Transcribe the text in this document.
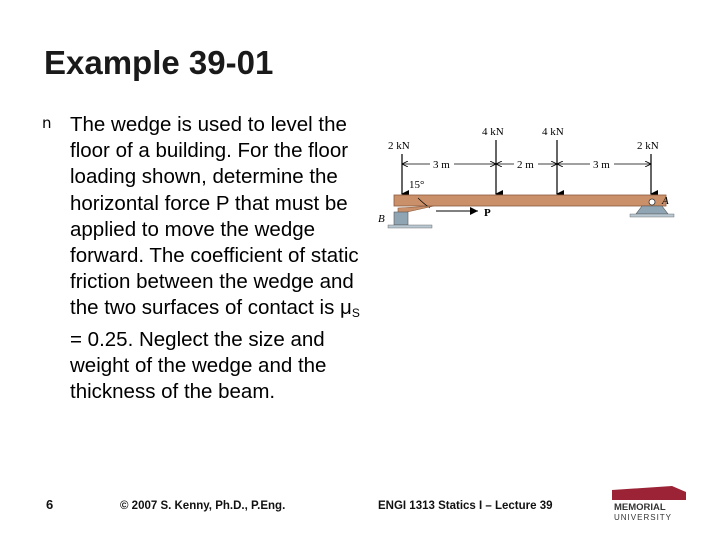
Example 39-01
n The wedge is used to level the floor of a building. For the floor loading shown, determine the horizontal force P that must be applied to move the wedge forward. The coefficient of static friction between the wedge and the two surfaces of contact is $\mu_S = 0.25$. Neglect the size and weight of the wedge and the thickness of the beam.

2 kN
4 kN	4 kN
2 kN
3 m	2 m	3 m
15°
P
B
A
6	© 2007 S. Kenny, Ph.D., P.Eng.	ENGI 1313 Statics I – Lecture 39	MEMORIAL
UNIVERSITY
